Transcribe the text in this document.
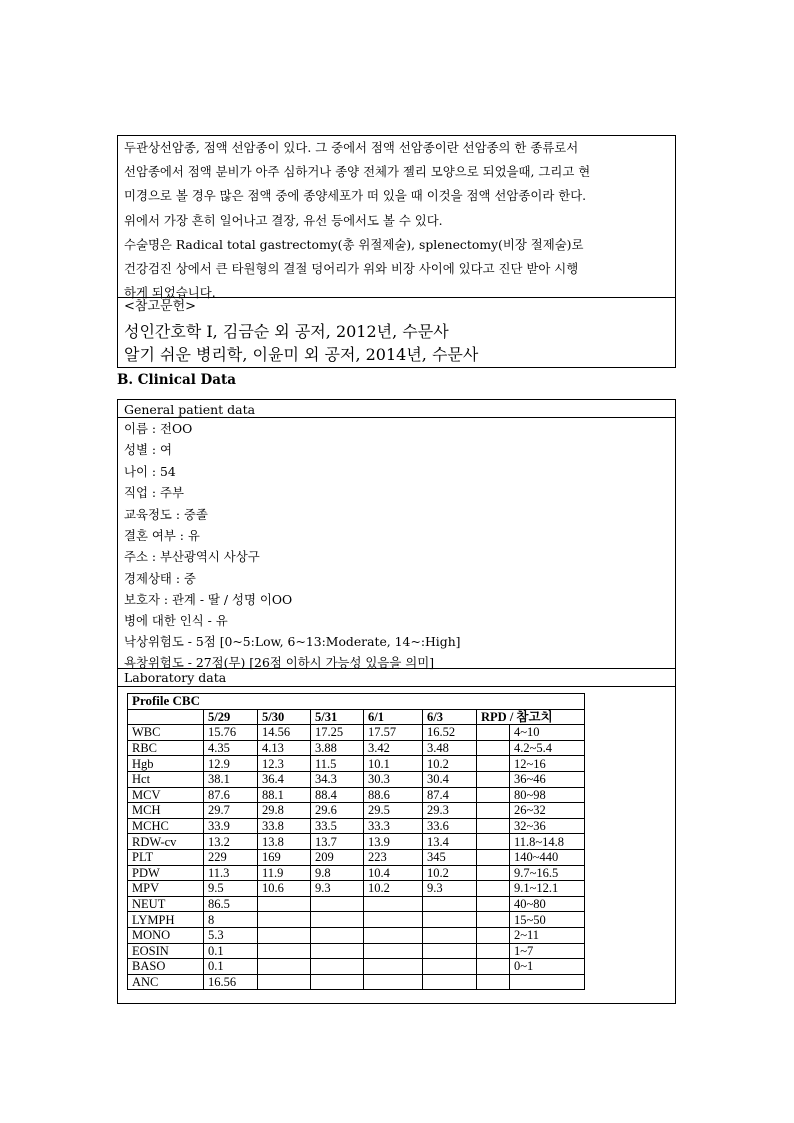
두관상선암종, 점액 선암종이 있다. 그 중에서 점액 선암종이란 선암종의 한 종류로서

선암종에서 점액 분비가 아주 심하거나 종양 전체가 젤리 모양으로 되었을때, 그리고 현

미경으로 볼 경우 많은 점액 중에 종양세포가 떠 있을 때 이것을 점액 선암종이라 한다.

위에서 가장 흔히 일어나고 결장, 유선 등에서도 볼 수 있다.

수술명은 Radical total gastrectomy(총 위절제술), splenectomy(비장 절제술)로

건강검진 상에서 큰 타원형의 결절 덩어리가 위와 비장 사이에 있다고 진단 받아 시행

하게 되었습니다.

<참고문헌>
성인간호학 Ⅰ, 김금순 외 공저, 2012년, 수문사
알기 쉬운 병리학, 이윤미 외 공저, 2014년, 수문사
B. Clinical Data
General patient data
이름 : 전OO
성별 : 여
나이 : 54
직업 : 주부
교육정도 : 중졸
결혼 여부 : 유
주소 : 부산광역시 사상구
경제상태 : 중
보호자 : 관계 - 딸 / 성명 이OO
병에 대한 인식 - 유
낙상위험도 - 5점 [0~5:Low, 6~13:Moderate, 14~:High]
욕창위험도 - 27점(무) [26점 이하시 가능성 있음을 의미]
Laboratory data
Profile CBC							
	5/29	5/30	5/31	6/1	6/3	RPD / 참고치	
WBC	15.76	14.56	17.25	17.57	16.52		4~10
RBC	4.35	4.13	3.88	3.42	3.48		4.2~5.4
Hgb	12.9	12.3	11.5	10.1	10.2		12~16
Hct	38.1	36.4	34.3	30.3	30.4		36~46
MCV	87.6	88.1	88.4	88.6	87.4		80~98
MCH	29.7	29.8	29.6	29.5	29.3		26~32
MCHC	33.9	33.8	33.5	33.3	33.6		32~36
RDW-cv	13.2	13.8	13.7	13.9	13.4		11.8~14.8
PLT	229	169	209	223	345		140~440
PDW	11.3	11.9	9.8	10.4	10.2		9.7~16.5
MPV	9.5	10.6	9.3	10.2	9.3		9.1~12.1
NEUT	86.5						40~80
LYMPH	8						15~50
MONO	5.3						2~11
EOSIN	0.1						1~7
BASO	0.1						0~1
ANC	16.56						
